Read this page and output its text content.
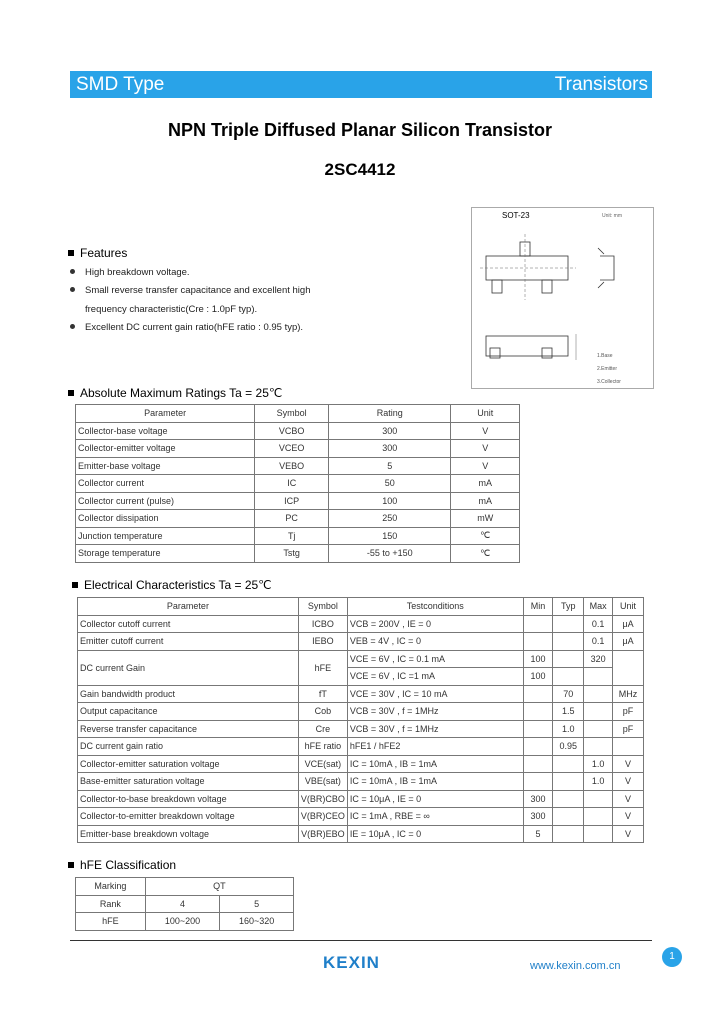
SMD Type	Transistors
NPN Triple Diffused Planar Silicon Transistor
2SC4412
Features
High breakdown voltage.
Small reverse transfer capacitance and excellent high
frequency characteristic(Cre : 1.0pF typ).
Excellent DC current gain ratio(hFE ratio : 0.95 typ).
SOT-23	Unit: mm
1.Base
2.Emitter
3.Collector
Absolute Maximum Ratings Ta = 25℃
Parameter	Symbol	Rating	Unit
Collector-base voltage	VCBO	300	V
Collector-emitter voltage	VCEO	300	V
Emitter-base voltage	VEBO	5	V
Collector current	IC	50	mA
Collector current (pulse)	ICP	100	mA
Collector dissipation	PC	250	mW
Junction temperature	Tj	150	℃
Storage temperature	Tstg	-55 to +150	℃
Electrical Characteristics Ta = 25℃
Parameter	Symbol	Testconditions	Min	Typ	Max	Unit
Collector cutoff current	ICBO	VCB = 200V , IE = 0			0.1	μA
Emitter cutoff current	IEBO	VEB = 4V , IC = 0			0.1	μA
DC current Gain	hFE	VCE = 6V , IC = 0.1 mA	100		320	
		VCE = 6V , IC =1 mA	100			
Gain bandwidth product	fT	VCE = 30V , IC = 10 mA		70		MHz
Output capacitance	Cob	VCB = 30V , f = 1MHz		1.5		pF
Reverse transfer capacitance	Cre	VCB = 30V , f = 1MHz		1.0		pF
DC current gain ratio	hFE ratio	hFE1 / hFE2		0.95		
Collector-emitter saturation voltage	VCE(sat)	IC = 10mA , IB = 1mA			1.0	V
Base-emitter saturation voltage	VBE(sat)	IC = 10mA , IB = 1mA			1.0	V
Collector-to-base breakdown voltage	V(BR)CBO	IC = 10μA , IE = 0	300			V
Collector-to-emitter breakdown voltage	V(BR)CEO	IC = 1mA , RBE = ∞	300			V
Emitter-base breakdown voltage	V(BR)EBO	IE = 10μA , IC = 0	5			V
hFE Classification
Marking	QT	
Rank	4	5
hFE	100~200	160~320
KEXIN	www.kexin.com.cn
1
